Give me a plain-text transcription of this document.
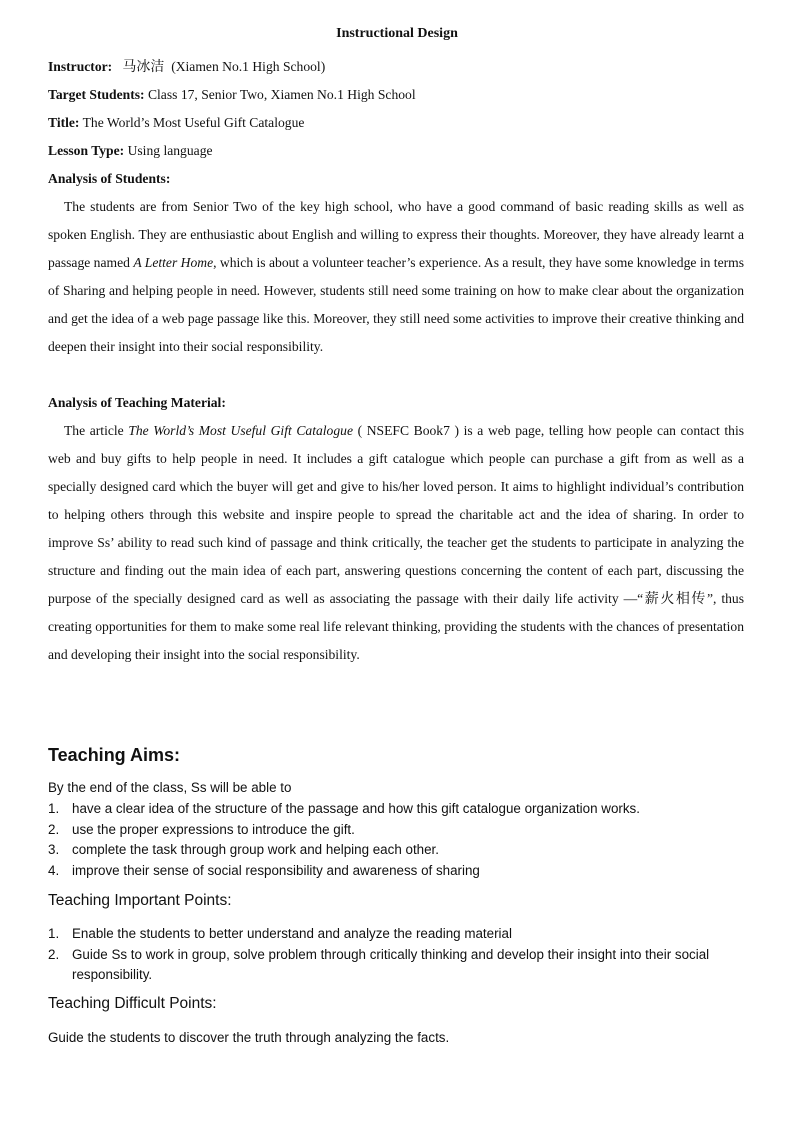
Instructional Design

Instructor: 马冰洁 (Xiamen No.1 High School)

Target Students: Class 17, Senior Two, Xiamen No.1 High School

Title: The World’s Most Useful Gift Catalogue

Lesson Type: Using language

Analysis of Students:

The students are from Senior Two of the key high school, who have a good command of basic reading skills as well as spoken English. They are enthusiastic about English and willing to express their thoughts. Moreover, they have already learnt a passage named A Letter Home, which is about a volunteer teacher’s experience. As a result, they have some knowledge in terms of Sharing and helping people in need. However, students still need some training on how to make clear about the organization and get the idea of a web page passage like this. Moreover, they still need some activities to improve their creative thinking and deepen their insight into their social responsibility.

Analysis of Teaching Material:

The article The World’s Most Useful Gift Catalogue ( NSEFC Book7 ) is a web page, telling how people can contact this web and buy gifts to help people in need. It includes a gift catalogue which people can purchase a gift from as well as a specially designed card which the buyer will get and give to his/her loved person. It aims to highlight individual’s contribution to helping others through this website and inspire people to spread the charitable act and the idea of sharing. In order to improve Ss’ ability to read such kind of passage and think critically, the teacher get the students to participate in analyzing the structure and finding out the main idea of each part, answering questions concerning the content of each part, discussing the purpose of the specially designed card as well as associating the passage with their daily life activity —“薪火相传”, thus creating opportunities for them to make some real life relevant thinking, providing the students with the chances of presentation and developing their insight into the social responsibility.

Teaching Aims:

By the end of the class, Ss will be able to

1. have a clear idea of the structure of the passage and how this gift catalogue organization works.
2. use the proper expressions to introduce the gift.
3. complete the task through group work and helping each other.
4. improve their sense of social responsibility and awareness of sharing
Teaching Important Points:
1. Enable the students to better understand and analyze the reading material
2. Guide Ss to work in group, solve problem through critically thinking and develop their insight into their social responsibility.
Teaching Difficult Points:

Guide the students to discover the truth through analyzing the facts.
